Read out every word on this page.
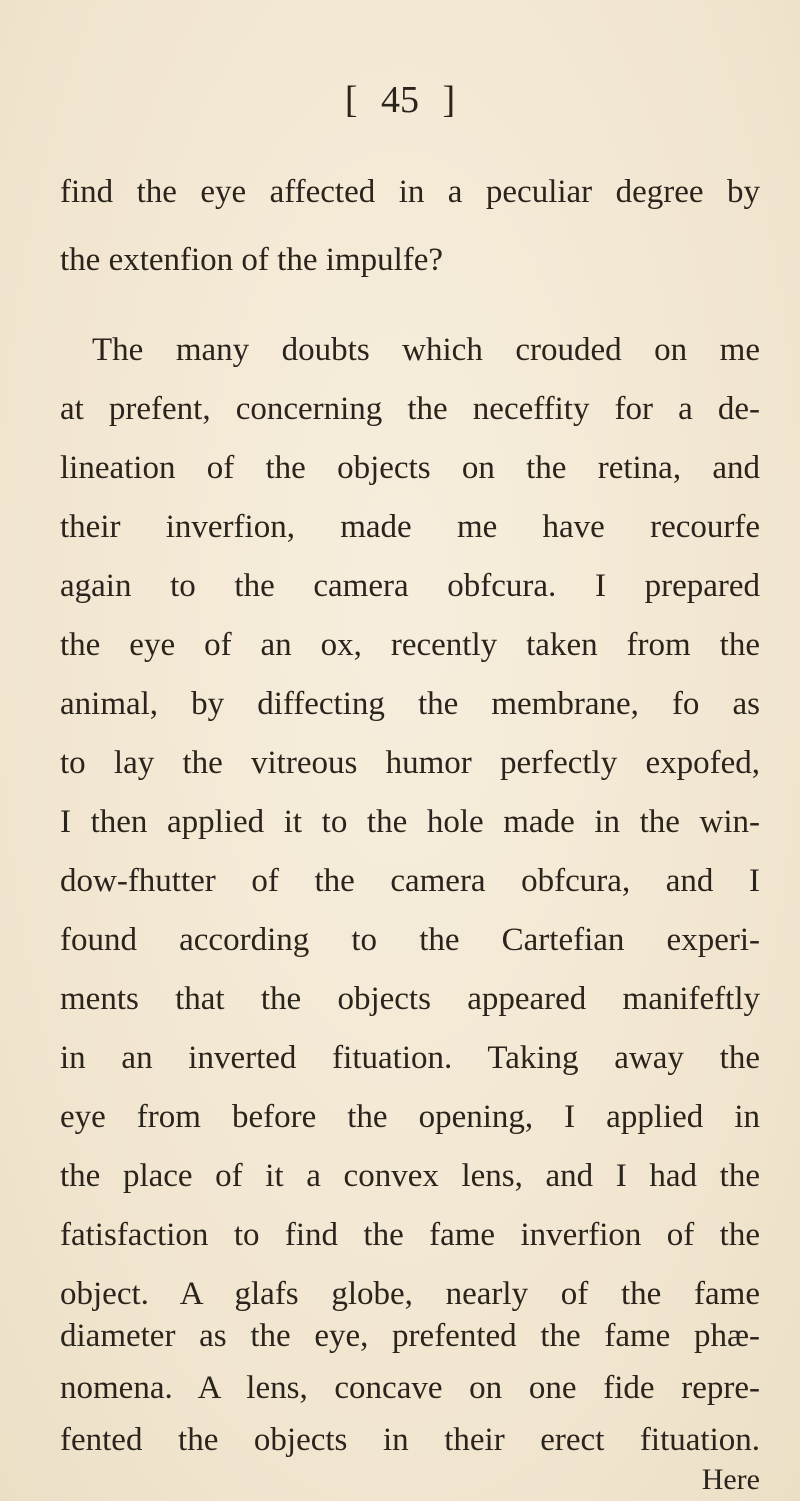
[ 45 ]
find the eye affected in a peculiar degree by
the extenfion of the impulfe?
The many doubts which crouded on me
at prefent, concerning the neceffity for a de-
lineation of the objects on the retina, and
their inverfion, made me have recourfe
again to the camera obfcura. I prepared
the eye of an ox, recently taken from the
animal, by diffecting the membrane, fo as
to lay the vitreous humor perfectly expofed,
I then applied it to the hole made in the win-
dow-fhutter of the camera obfcura, and I
found according to the Cartefian experi-
ments that the objects appeared manifeftly
in an inverted fituation. Taking away the
eye from before the opening, I applied in
the place of it a convex lens, and I had the
fatisfaction to find the fame inverfion of the
object. A glafs globe, nearly of the fame
diameter as the eye, prefented the fame phæ-
nomena. A lens, concave on one fide repre-
fented the objects in their erect fituation.
Here
